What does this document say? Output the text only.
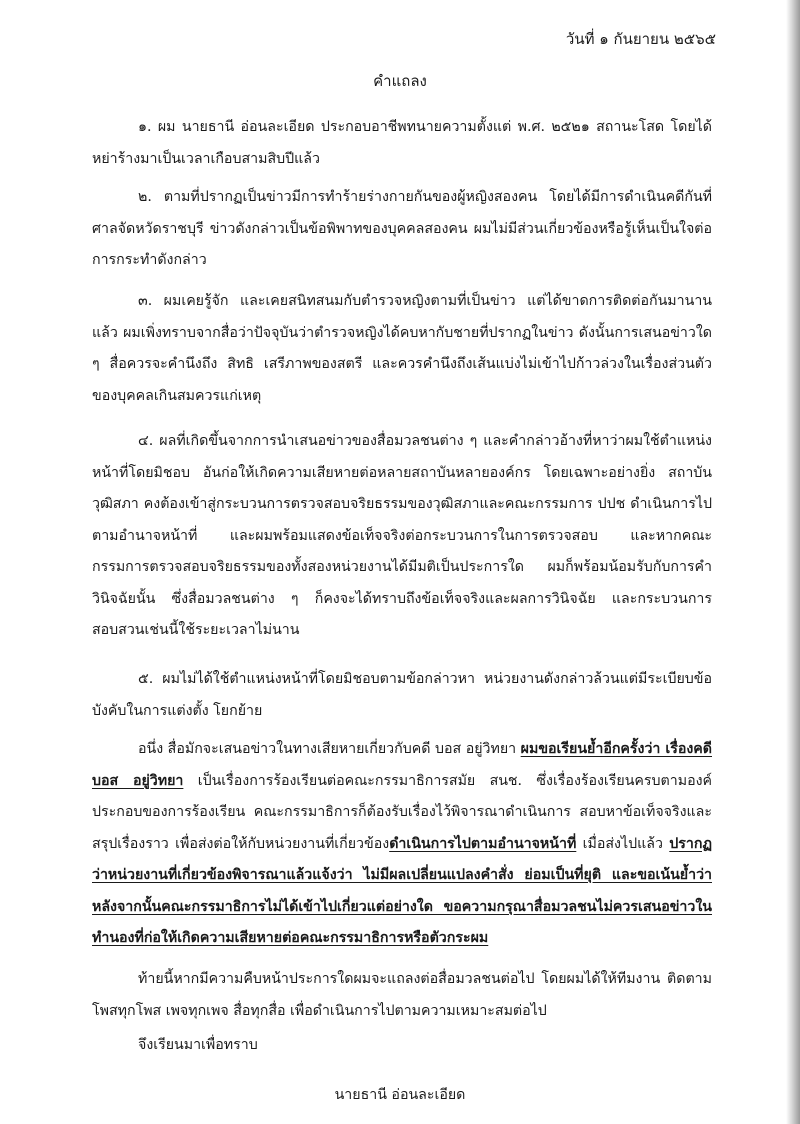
วันที่ ๑ กันยายน ๒๕๖๕
คำแถลง

๑. ผม นายธานี อ่อนละเอียด ประกอบอาชีพทนายความตั้งแต่ พ.ศ. ๒๕๒๑ สถานะโสด โดยได้หย่าร้างมาเป็นเวลาเกือบสามสิบปีแล้ว

๒. ตามที่ปรากฏเป็นข่าวมีการทำร้ายร่างกายกันของผู้หญิงสองคน โดยได้มีการดำเนินคดีกันที่ศาลจัดหวัดราชบุรี ข่าวดังกล่าวเป็นข้อพิพาทของบุคคลสองคน ผมไม่มีส่วนเกี่ยวข้องหรือรู้เห็นเป็นใจต่อการกระทำดังกล่าว

๓. ผมเคยรู้จัก และเคยสนิทสนมกับตำรวจหญิงตามที่เป็นข่าว แต่ได้ขาดการติดต่อกันมานานแล้ว ผมเพิ่งทราบจากสื่อว่าปัจจุบันว่าตำรวจหญิงได้คบหากับชายที่ปรากฏในข่าว ดังนั้นการเสนอข่าวใด ๆ สื่อควรจะคำนึงถึง สิทธิ เสรีภาพของสตรี และควรคำนึงถึงเส้นแบ่งไม่เข้าไปก้าวล่วงในเรื่องส่วนตัวของบุคคลเกินสมควรแก่เหตุ

๔. ผลที่เกิดขึ้นจากการนำเสนอข่าวของสื่อมวลชนต่าง ๆ และคำกล่าวอ้างที่หาว่าผมใช้ตำแหน่งหน้าที่โดยมิชอบ อันก่อให้เกิดความเสียหายต่อหลายสถาบันหลายองค์กร โดยเฉพาะอย่างยิ่ง สถาบันวุฒิสภา คงต้องเข้าสู่กระบวนการตรวจสอบจริยธรรมของวุฒิสภาและคณะกรรมการ ปปช ดำเนินการไปตามอำนาจหน้าที่ และผมพร้อมแสดงข้อเท็จจริงต่อกระบวนการในการตรวจสอบ และหากคณะกรรมการตรวจสอบจริยธรรมของทั้งสองหน่วยงานได้มีมติเป็นประการใด ผมก็พร้อมน้อมรับกับการคำวินิจฉัยนั้น ซึ่งสื่อมวลชนต่าง ๆ ก็คงจะได้ทราบถึงข้อเท็จจริงและผลการวินิจฉัย และกระบวนการสอบสวนเช่นนี้ใช้ระยะเวลาไม่นาน

๕. ผมไม่ได้ใช้ตำแหน่งหน้าที่โดยมิชอบตามข้อกล่าวหา หน่วยงานดังกล่าวล้วนแต่มีระเบียบข้อบังคับในการแต่งตั้ง โยกย้าย

อนึ่ง สื่อมักจะเสนอข่าวในทางเสียหายเกี่ยวกับคดี บอส อยู่วิทยา ผมขอเรียนย้ำอีกครั้งว่า เรื่องคดี บอส อยู่วิทยา เป็นเรื่องการร้องเรียนต่อคณะกรรมาธิการสมัย สนช. ซึ่งเรื่องร้องเรียนครบตามองค์ประกอบของการร้องเรียน คณะกรรมาธิการก็ต้องรับเรื่องไว้พิจารณาดำเนินการ สอบหาข้อเท็จจริงและสรุปเรื่องราว เพื่อส่งต่อให้กับหน่วยงานที่เกี่ยวข้องดำเนินการไปตามอำนาจหน้าที่ เมื่อส่งไปแล้ว ปรากฏว่าหน่วยงานที่เกี่ยวข้องพิจารณาแล้วแจ้งว่า ไม่มีผลเปลี่ยนแปลงคำสั่ง ย่อมเป็นที่ยุติ และขอเน้นย้ำว่าหลังจากนั้นคณะกรรมาธิการไม่ได้เข้าไปเกี่ยวแต่อย่างใด ขอความกรุณาสื่อมวลชนไม่ควรเสนอข่าวในทำนองที่ก่อให้เกิดความเสียหายต่อคณะกรรมาธิการหรือตัวกระผม

ท้ายนี้หากมีความคืบหน้าประการใดผมจะแถลงต่อสื่อมวลชนต่อไป โดยผมได้ให้ทีมงาน ติดตามโพสทุกโพส เพจทุกเพจ สื่อทุกสื่อ เพื่อดำเนินการไปตามความเหมาะสมต่อไป

จึงเรียนมาเพื่อทราบ
นายธานี อ่อนละเอียด
